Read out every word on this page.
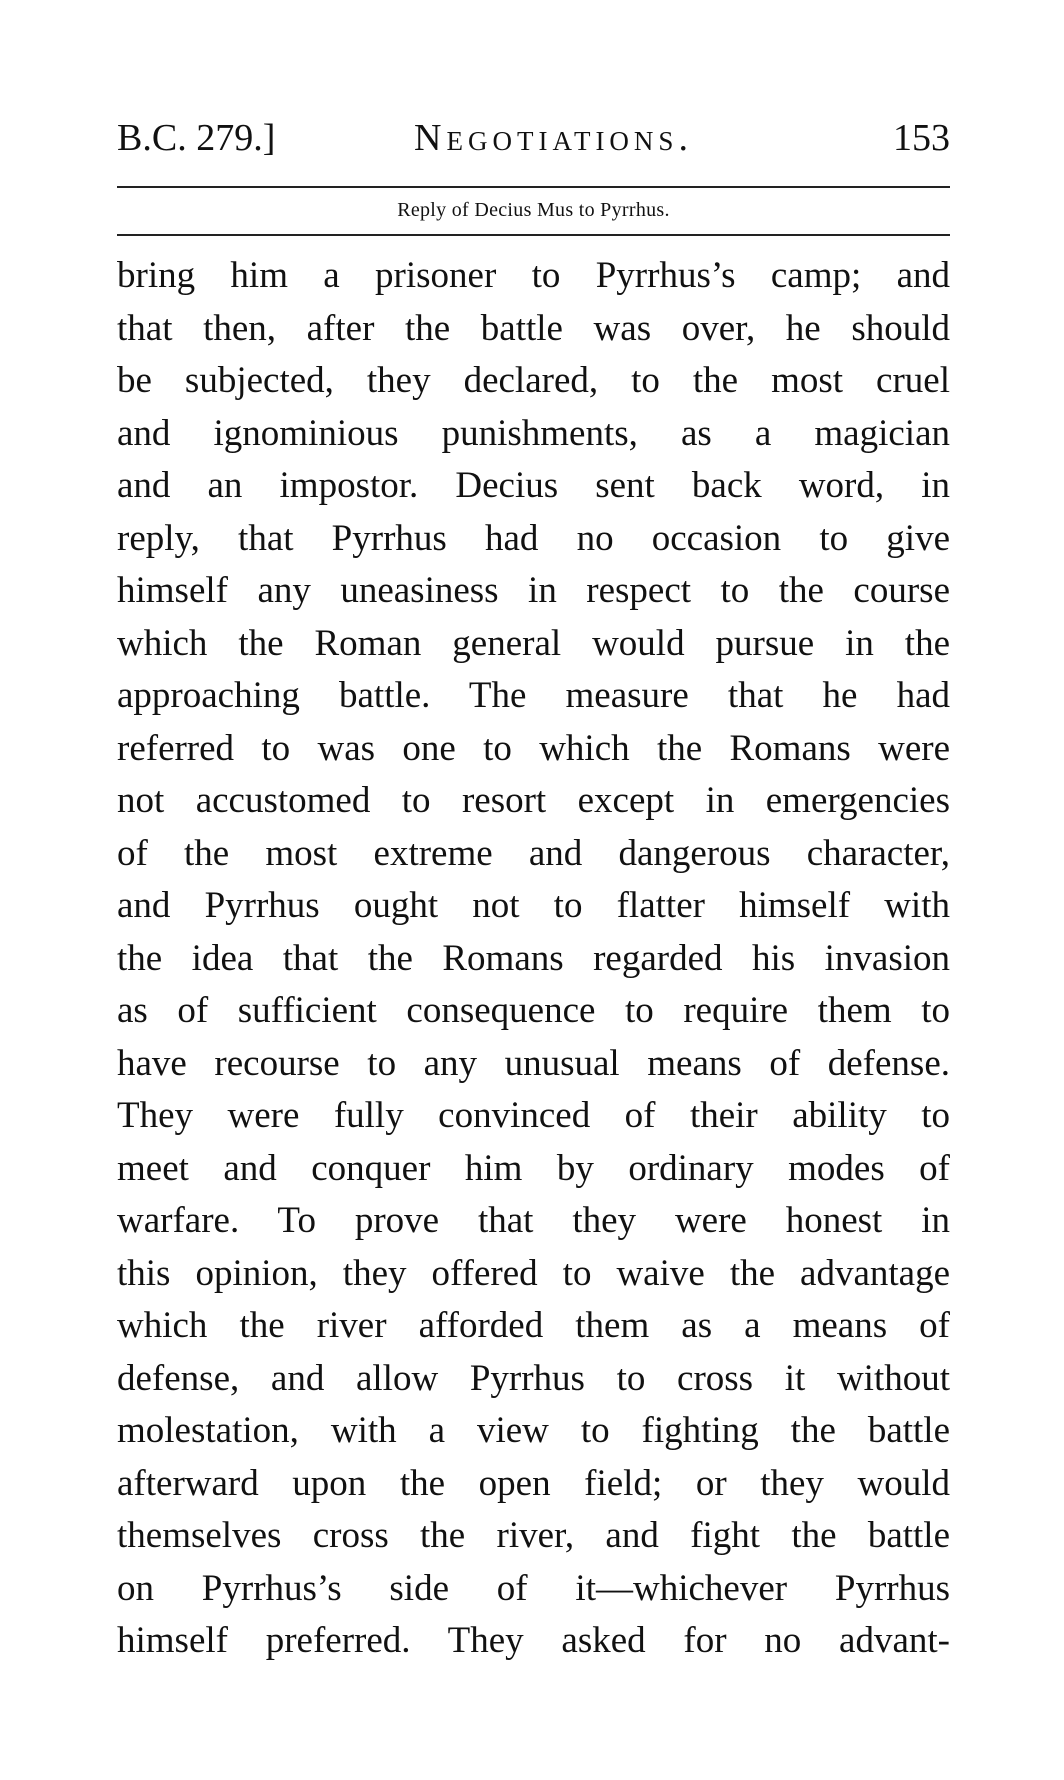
B.C. 279.]	Negotiations.	153
Reply of Decius Mus to Pyrrhus.
bring him a prisoner to Pyrrhus’s camp; and
that then, after the battle was over, he should
be subjected, they declared, to the most cruel
and ignominious punishments, as a magician
and an impostor. Decius sent back word, in
reply, that Pyrrhus had no occasion to give
himself any uneasiness in respect to the course
which the Roman general would pursue in the
approaching battle. The measure that he had
referred to was one to which the Romans were
not accustomed to resort except in emergencies
of the most extreme and dangerous character,
and Pyrrhus ought not to flatter himself with
the idea that the Romans regarded his invasion
as of sufficient consequence to require them to
have recourse to any unusual means of defense.
They were fully convinced of their ability to
meet and conquer him by ordinary modes of
warfare. To prove that they were honest in
this opinion, they offered to waive the advantage
which the river afforded them as a means of
defense, and allow Pyrrhus to cross it without
molestation, with a view to fighting the battle
afterward upon the open field; or they would
themselves cross the river, and fight the battle
on Pyrrhus’s side of it—whichever Pyrrhus
himself preferred. They asked for no advant-
